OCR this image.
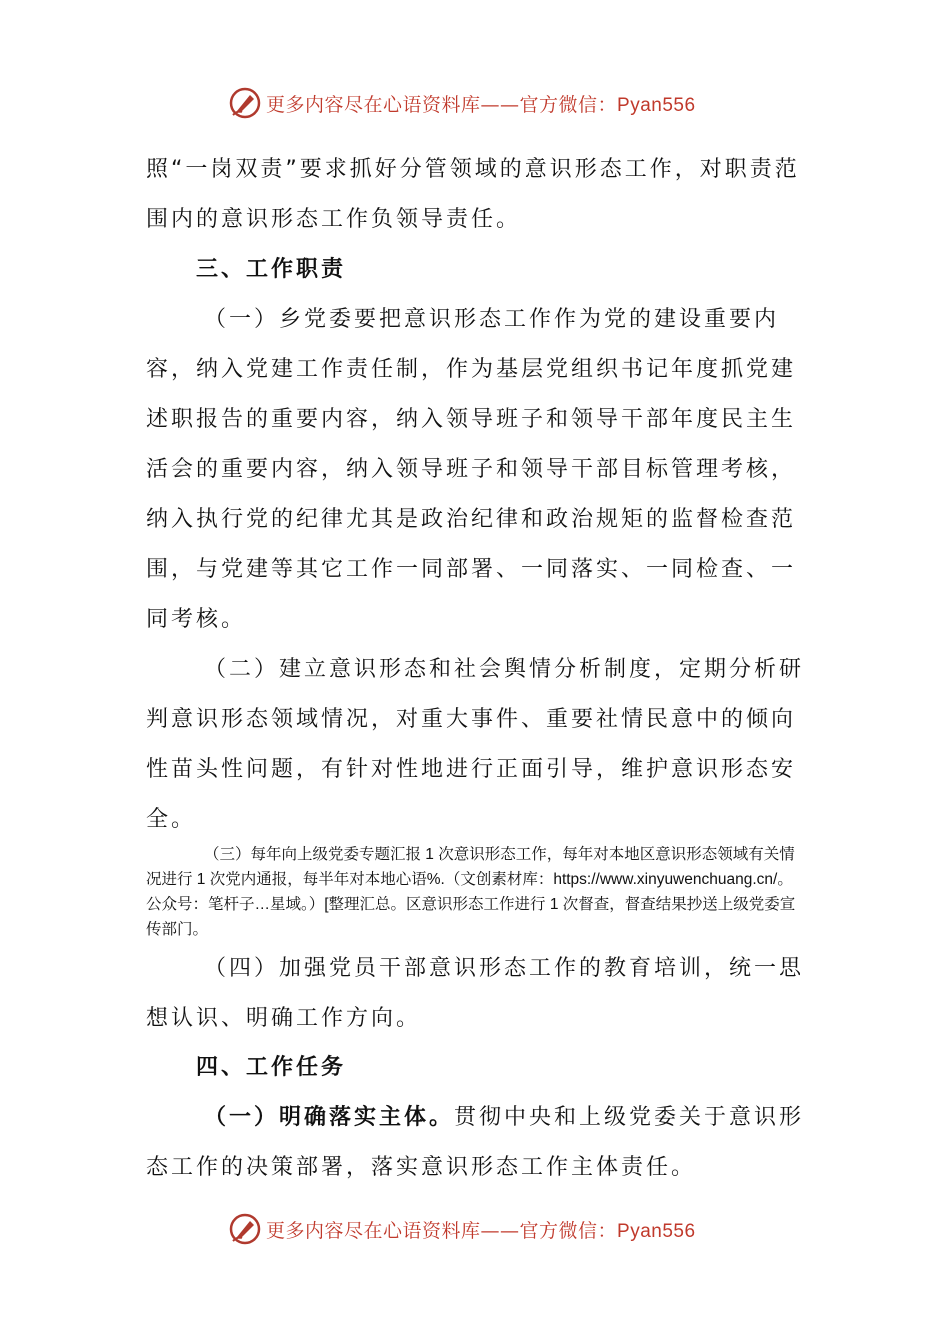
更多内容尽在心语资料库——官方微信：Pyan556

照“一岗双责”要求抓好分管领域的意识形态工作，对职责范围内的意识形态工作负领导责任。

三、工作职责

（一）乡党委要把意识形态工作作为党的建设重要内容，纳入党建工作责任制，作为基层党组织书记年度抓党建述职报告的重要内容，纳入领导班子和领导干部年度民主生活会的重要内容，纳入领导班子和领导干部目标管理考核，纳入执行党的纪律尤其是政治纪律和政治规矩的监督检查范围，与党建等其它工作一同部署、一同落实、一同检查、一同考核。

（二）建立意识形态和社会舆情分析制度，定期分析研判意识形态领域情况，对重大事件、重要社情民意中的倾向性苗头性问题，有针对性地进行正面引导，维护意识形态安全。

（三）每年向上级党委专题汇报 1 次意识形态工作，每年对本地区意识形态领域有关情况进行 1 次党内通报，每半年对本地心语%.（文创素材库：https://www.xinyuwenchuang.cn/。公众号：笔杆子…星域。）[整理汇总。区意识形态工作进行 1 次督查，督查结果抄送上级党委宣传部门。

（四）加强党员干部意识形态工作的教育培训，统一思想认识、明确工作方向。

四、工作任务

（一）明确落实主体。贯彻中央和上级党委关于意识形态工作的决策部署，落实意识形态工作主体责任。

更多内容尽在心语资料库——官方微信：Pyan556
